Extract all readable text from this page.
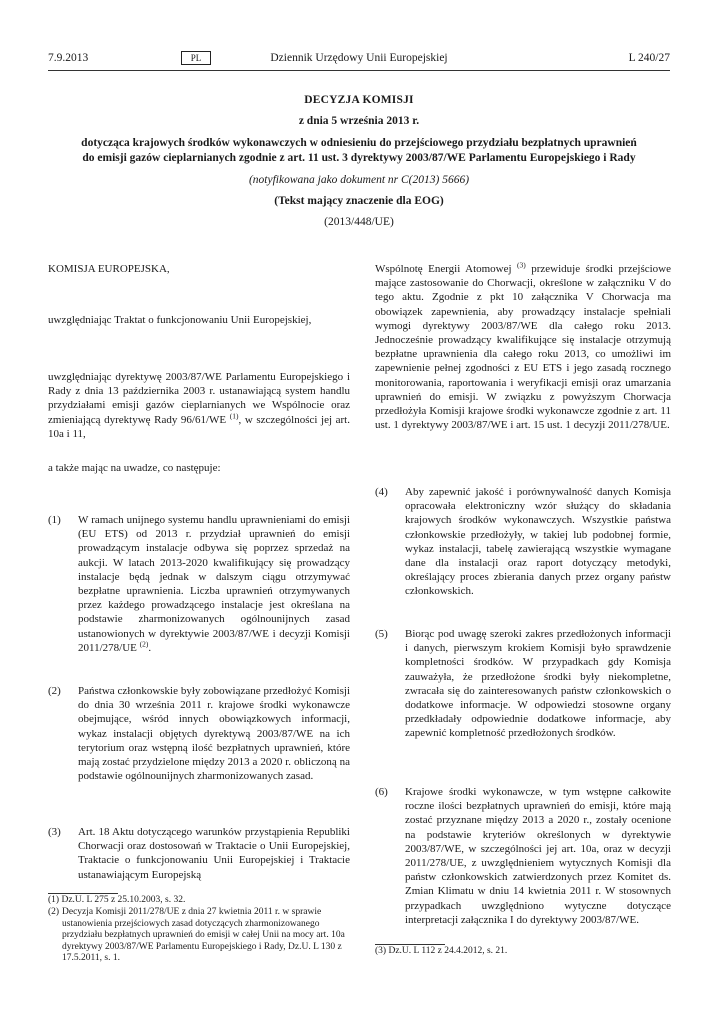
7.9.2013	PL	Dziennik Urzędowy Unii Europejskiej	L 240/27
DECYZJA KOMISJI
z dnia 5 września 2013 r.
dotycząca krajowych środków wykonawczych w odniesieniu do przejściowego przydziału bezpłatnych uprawnień do emisji gazów cieplarnianych zgodnie z art. 11 ust. 3 dyrektywy 2003/87/WE Parlamentu Europejskiego i Rady
(notyfikowana jako dokument nr C(2013) 5666)
(Tekst mający znaczenie dla EOG)
(2013/448/UE)
KOMISJA EUROPEJSKA,
uwzględniając Traktat o funkcjonowaniu Unii Europejskiej,
uwzględniając dyrektywę 2003/87/WE Parlamentu Europejskiego i Rady z dnia 13 października 2003 r. ustanawiającą system handlu przydziałami emisji gazów cieplarnianych we Wspólnocie oraz zmieniającą dyrektywę Rady 96/61/WE $^{(1)}$, w szczególności jej art. 10a i 11,
a także mając na uwadze, co następuje:
(1)	W ramach unijnego systemu handlu uprawnieniami do emisji (EU ETS) od 2013 r. przydział uprawnień do emisji prowadzącym instalacje odbywa się poprzez sprzedaż na aukcji. W latach 2013-2020 kwalifikujący się prowadzący instalacje będą jednak w dalszym ciągu otrzymywać bezpłatne uprawnienia. Liczba uprawnień otrzymywanych przez każdego prowadzącego instalacje jest określana na podstawie zharmonizowanych ogólnounijnych zasad ustanowionych w dyrektywie 2003/87/WE i decyzji Komisji 2011/278/UE $^{(2)}$.
(2)	Państwa członkowskie były zobowiązane przedłożyć Komisji do dnia 30 września 2011 r. krajowe środki wykonawcze obejmujące, wśród innych obowiązkowych informacji, wykaz instalacji objętych dyrektywą 2003/87/WE na ich terytorium oraz wstępną ilość bezpłatnych uprawnień, które mają zostać przydzielone między 2013 a 2020 r. obliczoną na podstawie ogólnounijnych zharmonizowanych zasad.
(3)	Art. 18 Aktu dotyczącego warunków przystąpienia Republiki Chorwacji oraz dostosowań w Traktacie o Unii Europejskiej, Traktacie o funkcjonowaniu Unii Europejskiej i Traktacie ustanawiającym Europejską
(1) Dz.U. L 275 z 25.10.2003, s. 32.
(2) Decyzja Komisji 2011/278/UE z dnia 27 kwietnia 2011 r. w sprawie ustanowienia przejściowych zasad dotyczących zharmonizowanego przydziału bezpłatnych uprawnień do emisji w całej Unii na mocy art. 10a dyrektywy 2003/87/WE Parlamentu Europejskiego i Rady, Dz.U. L 130 z 17.5.2011, s. 1.
Wspólnotę Energii Atomowej $^{(3)}$ przewiduje środki przejściowe mające zastosowanie do Chorwacji, określone w załączniku V do tego aktu. Zgodnie z pkt 10 załącznika V Chorwacja ma obowiązek zapewnienia, aby prowadzący instalacje spełniali wymogi dyrektywy 2003/87/WE dla całego roku 2013. Jednocześnie prowadzący kwalifikujące się instalacje otrzymują bezpłatne uprawnienia dla całego roku 2013, co umożliwi im zapewnienie pełnej zgodności z EU ETS i jego zasadą rocznego monitorowania, raportowania i weryfikacji emisji oraz umarzania uprawnień do emisji. W związku z powyższym Chorwacja przedłożyła Komisji krajowe środki wykonawcze zgodnie z art. 11 ust. 1 dyrektywy 2003/87/WE i art. 15 ust. 1 decyzji 2011/278/UE.
(4)	Aby zapewnić jakość i porównywalność danych Komisja opracowała elektroniczny wzór służący do składania krajowych środków wykonawczych. Wszystkie państwa członkowskie przedłożyły, w takiej lub podobnej formie, wykaz instalacji, tabelę zawierającą wszystkie wymagane dane dla instalacji oraz raport dotyczący metodyki, określający proces zbierania danych przez organy państw członkowskich.
(5)	Biorąc pod uwagę szeroki zakres przedłożonych informacji i danych, pierwszym krokiem Komisji było sprawdzenie kompletności środków. W przypadkach gdy Komisja zauważyła, że przedłożone środki były niekompletne, zwracała się do zainteresowanych państw członkowskich o dodatkowe informacje. W odpowiedzi stosowne organy przedkładały odpowiednie dodatkowe informacje, aby zapewnić kompletność przedłożonych środków.
(6)	Krajowe środki wykonawcze, w tym wstępne całkowite roczne ilości bezpłatnych uprawnień do emisji, które mają zostać przyznane między 2013 a 2020 r., zostały ocenione na podstawie kryteriów określonych w dyrektywie 2003/87/WE, w szczególności jej art. 10a, oraz w decyzji 2011/278/UE, z uwzględnieniem wytycznych Komisji dla państw członkowskich zatwierdzonych przez Komitet ds. Zmian Klimatu w dniu 14 kwietnia 2011 r. W stosownych przypadkach uwzględniono wytyczne dotyczące interpretacji załącznika I do dyrektywy 2003/87/WE.
(3) Dz.U. L 112 z 24.4.2012, s. 21.
